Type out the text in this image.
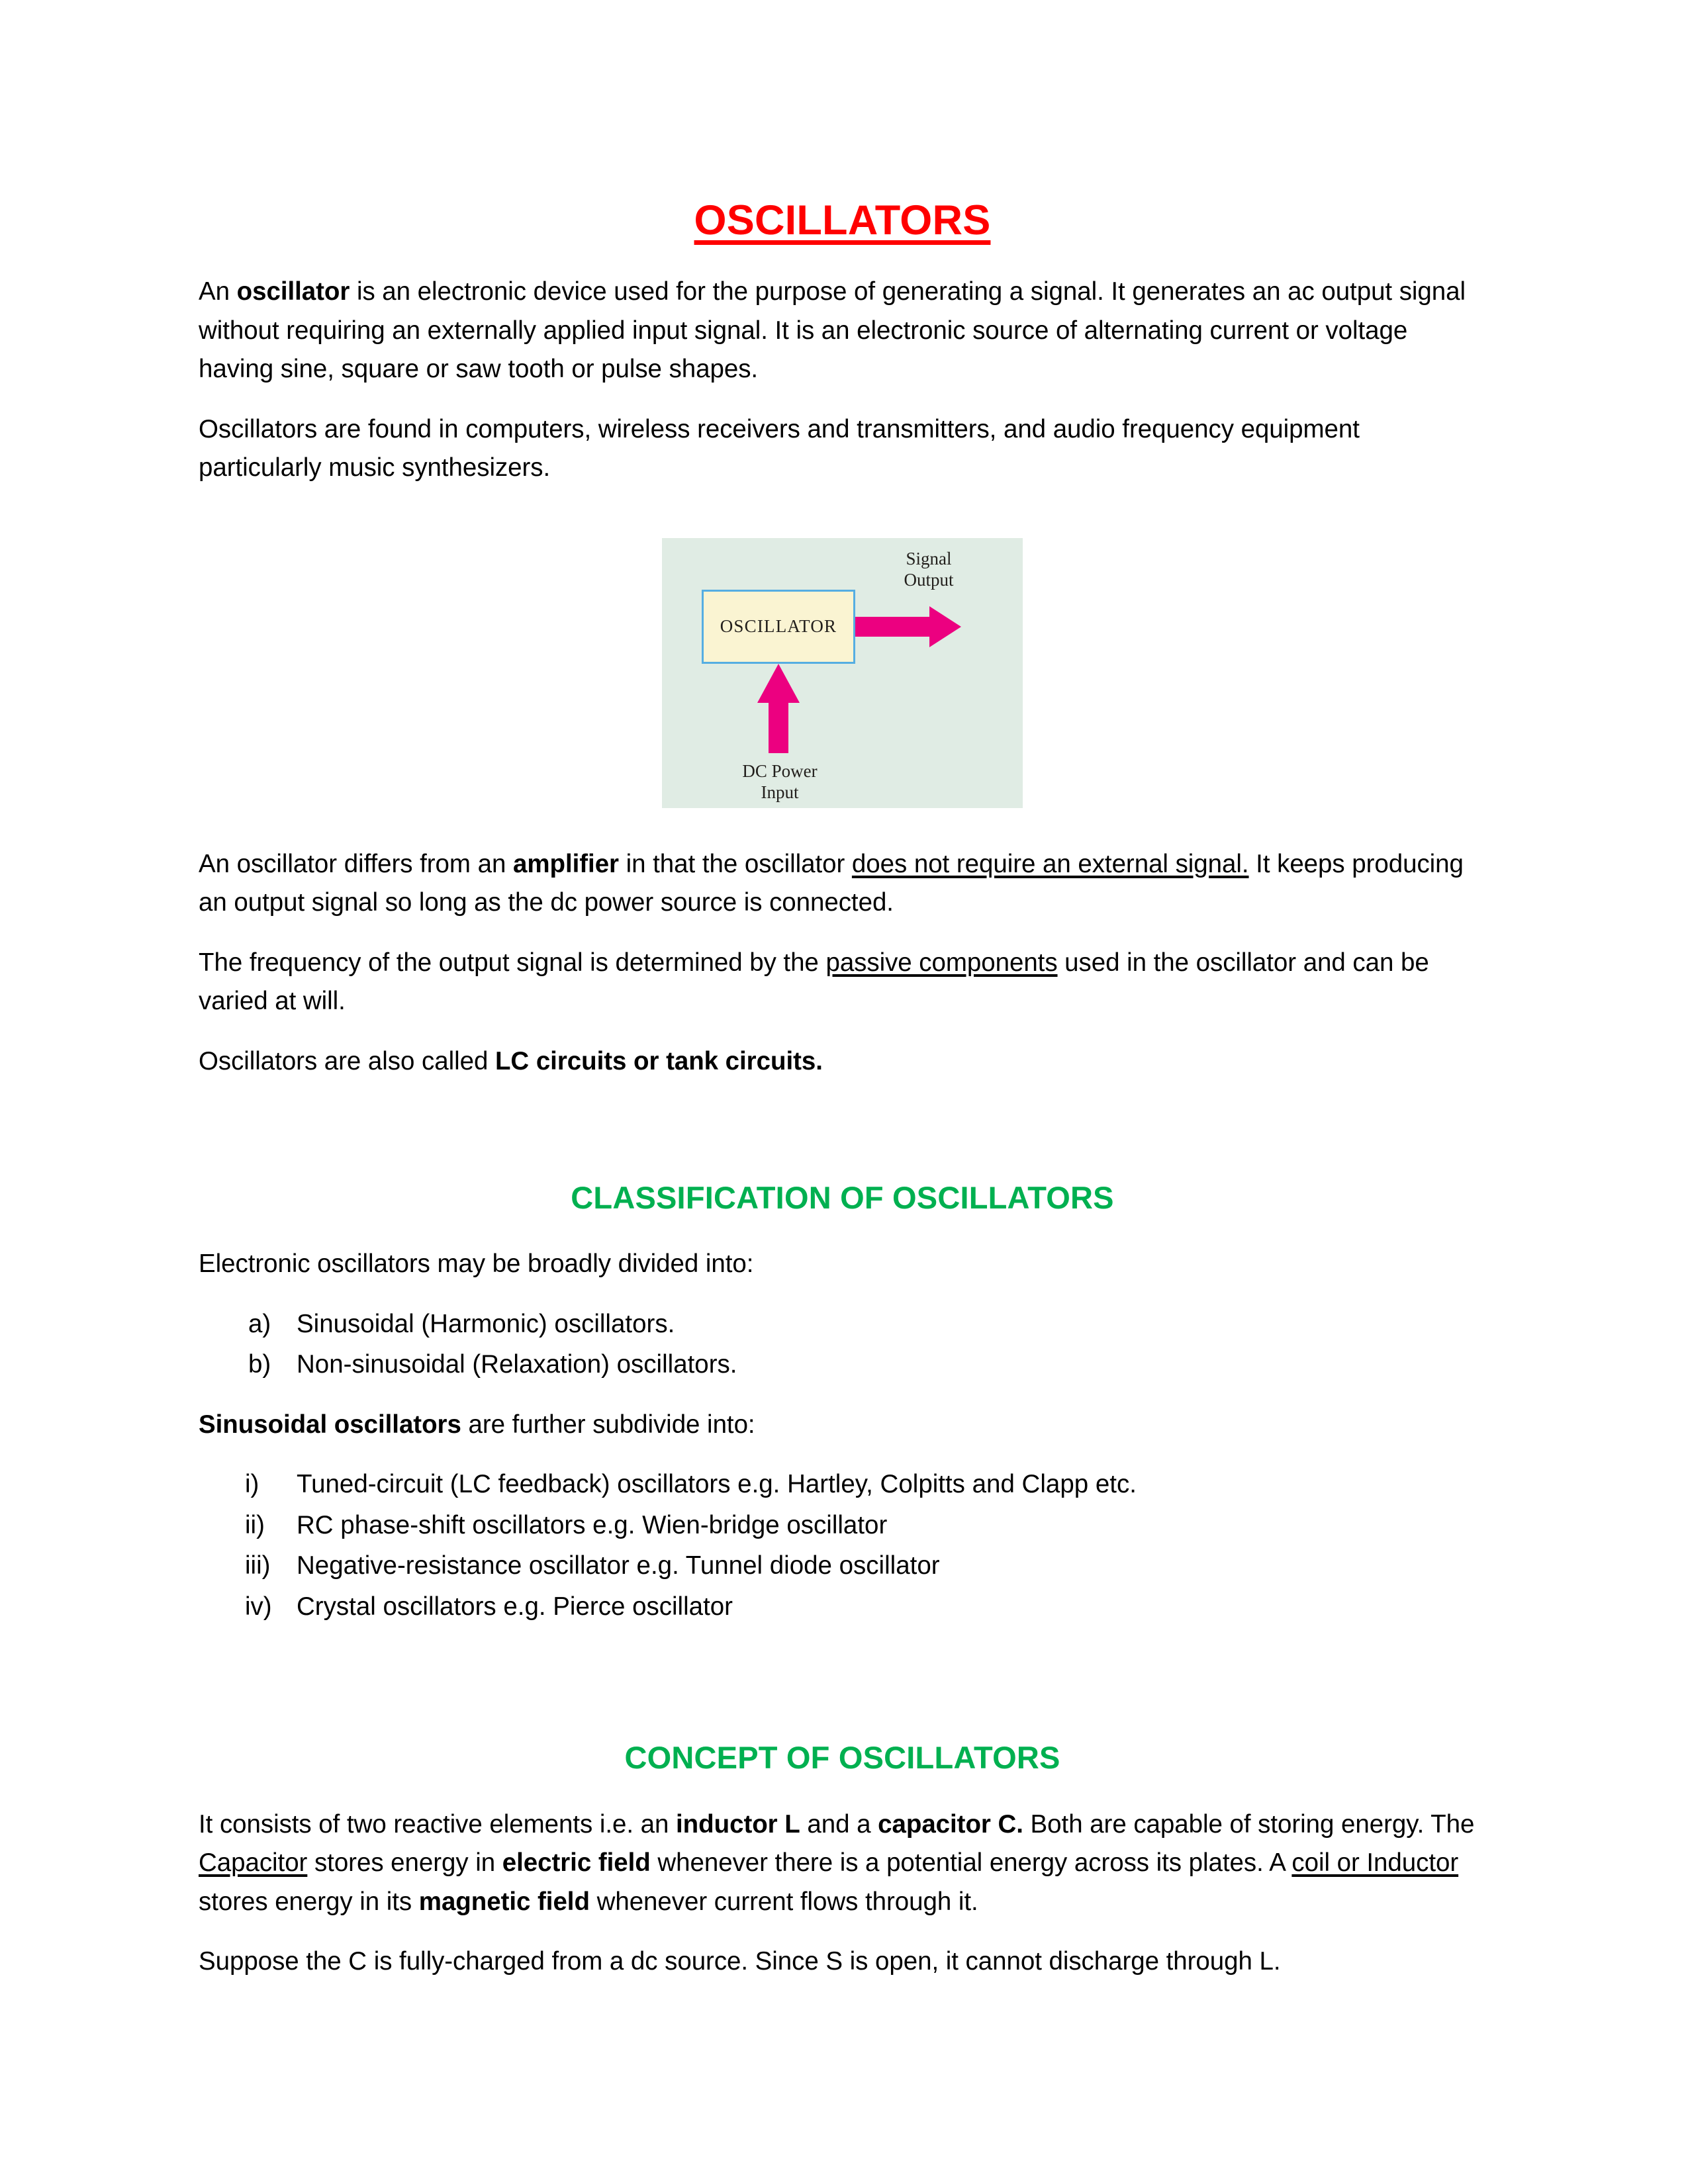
OSCILLATORS

An oscillator is an electronic device used for the purpose of generating a signal. It generates an ac output signal without requiring an externally applied input signal. It is an electronic source of alternating current or voltage having sine, square or saw tooth or pulse shapes.

Oscillators are found in computers, wireless receivers and transmitters, and audio frequency equipment particularly music synthesizers.

OSCILLATOR
Signal
Output
DC Power
Input

An oscillator differs from an amplifier in that the oscillator does not require an external signal. It keeps producing an output signal so long as the dc power source is connected.

The frequency of the output signal is determined by the passive components used in the oscillator and can be varied at will.

Oscillators are also called LC circuits or tank circuits.

CLASSIFICATION OF OSCILLATORS

Electronic oscillators may be broadly divided into:

a)	Sinusoidal (Harmonic) oscillators.
b)	Non-sinusoidal (Relaxation) oscillators.

Sinusoidal oscillators are further subdivide into:

i)	Tuned-circuit (LC feedback) oscillators e.g. Hartley, Colpitts and Clapp etc.
ii)	RC phase-shift oscillators e.g. Wien-bridge oscillator
iii)	Negative-resistance oscillator e.g. Tunnel diode oscillator
iv) Crystal oscillators e.g. Pierce oscillator
CONCEPT OF OSCILLATORS

It consists of two reactive elements i.e. an inductor L and a capacitor C. Both are capable of storing energy. The Capacitor stores energy in electric field whenever there is a potential energy across its plates. A coil or Inductor stores energy in its magnetic field whenever current flows through it.

Suppose the C is fully-charged from a dc source. Since S is open, it cannot discharge through L.
